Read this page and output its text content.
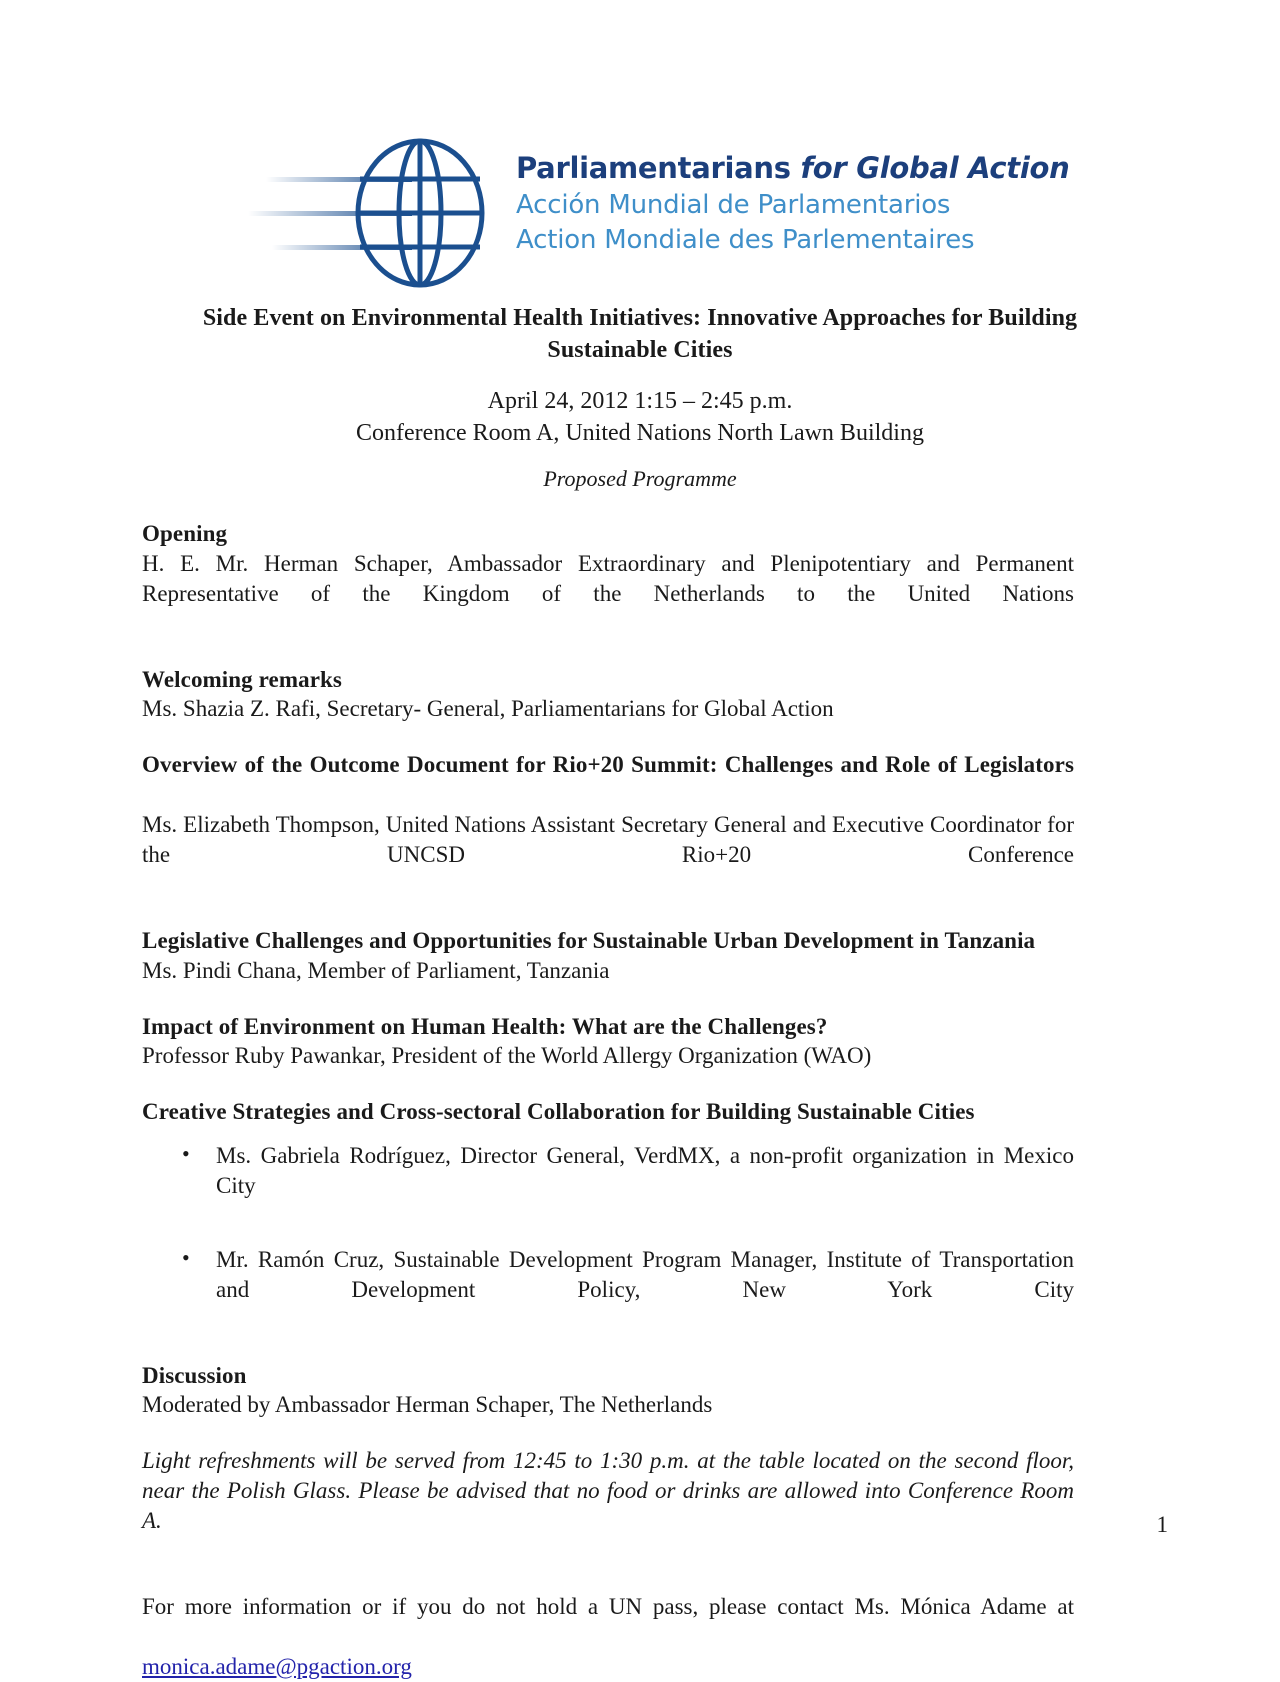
Parliamentarians for Global Action
Acción Mundial de Parlamentarios
Action Mondiale des Parlementaires
Side Event on Environmental Health Initiatives: Innovative Approaches for Building Sustainable Cities
April 24, 2012 1:15 – 2:45 p.m.
Conference Room A, United Nations North Lawn Building
Proposed Programme
Opening
H. E. Mr. Herman Schaper, Ambassador Extraordinary and Plenipotentiary and Permanent Representative of the Kingdom of the Netherlands to the United Nations
Welcoming remarks
Ms. Shazia Z. Rafi, Secretary- General, Parliamentarians for Global Action
Overview of the Outcome Document for Rio+20 Summit: Challenges and Role of Legislators
Ms. Elizabeth Thompson, United Nations Assistant Secretary General and Executive Coordinator for the UNCSD Rio+20 Conference
Legislative Challenges and Opportunities for Sustainable Urban Development in Tanzania
Ms. Pindi Chana, Member of Parliament, Tanzania
Impact of Environment on Human Health: What are the Challenges?
Professor Ruby Pawankar, President of the World Allergy Organization (WAO)
Creative Strategies and Cross-sectoral Collaboration for Building Sustainable Cities
• Ms. Gabriela Rodríguez, Director General, VerdMX, a non-profit organization in Mexico City
• Mr. Ramón Cruz, Sustainable Development Program Manager, Institute of Transportation and Development Policy, New York City
Discussion
Moderated by Ambassador Herman Schaper, The Netherlands
Light refreshments will be served from 12:45 to 1:30 p.m. at the table located on the second floor, near the Polish Glass. Please be advised that no food or drinks are allowed into Conference Room A.
For more information or if you do not hold a UN pass, please contact Ms. Mónica Adame at monica.adame@pgaction.org
1
